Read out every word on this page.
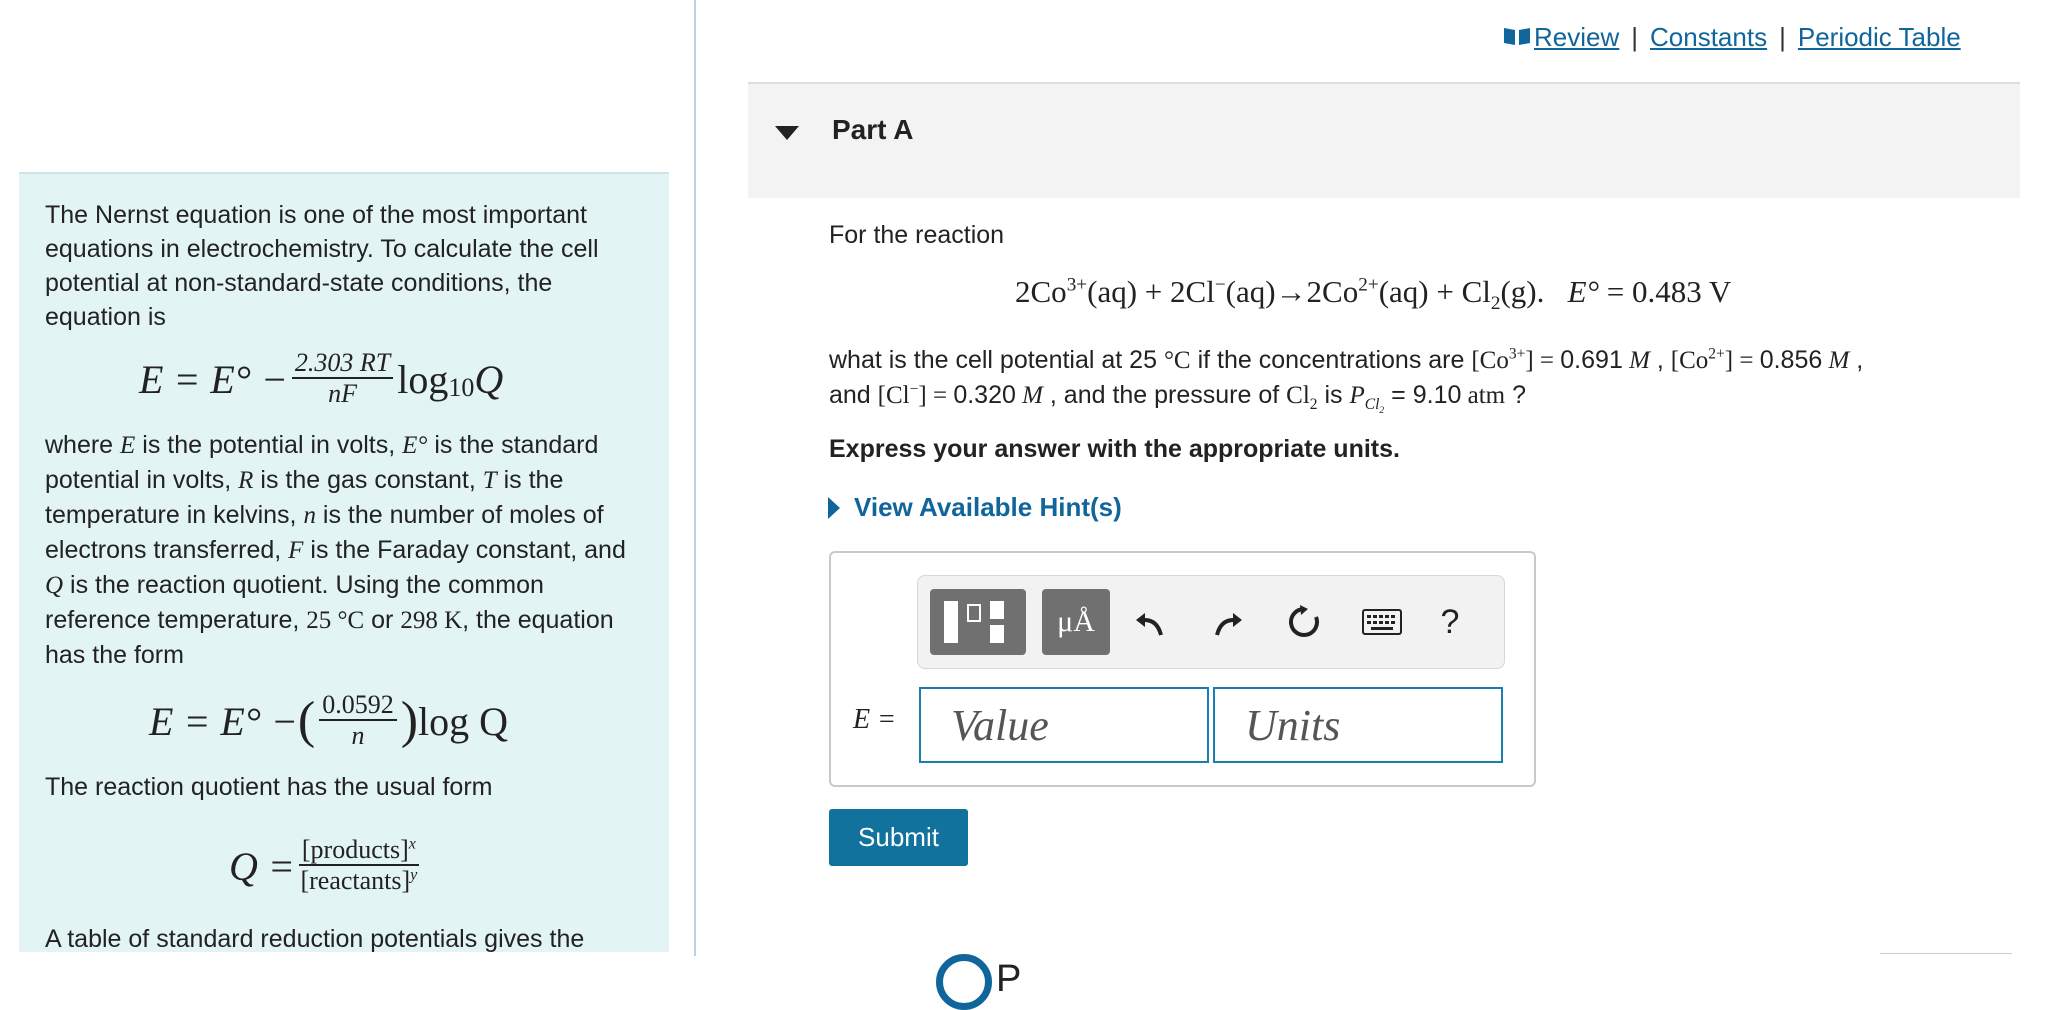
The Nernst equation is one of the most important equations in electrochemistry. To calculate the cell potential at non-standard-state conditions, the equation is

$E = E^\circ - \frac{2.303 RT}{nF} \log_{10} Q$

where E is the potential in volts, E° is the standard potential in volts, R is the gas constant, T is the temperature in kelvins, n is the number of moles of electrons transferred, F is the Faraday constant, and Q is the reaction quotient. Using the common reference temperature, 25 °C or 298 K, the equation has the form

E = E° − ( $\frac{0.0592}{n}$ ) log Q

The reaction quotient has the usual form

$Q = \frac{[products]^x}{[reactants]^y}$

A table of standard reduction potentials gives the

Review | Constants | Periodic Table
Part A
For the reaction
$2Co^{3+}(aq) + 2Cl^-(aq)\to 2Co^{2+}(aq) + Cl_2(g)$.   E° = 0.483 V
what is the cell potential at 25 °C if the concentrations are $[Co^{3+}] = 0.691$ M , $[Co^{2+}] = 0.856$ M ,
and [Cl−] = 0.320 M , and the pressure of $Cl_2$ is $P_{Cl_2} = 9.10$ atm ?
Express your answer with the appropriate units.
View Available Hint(s)
μÅ	?
E =
Value
Units
Submit
P
